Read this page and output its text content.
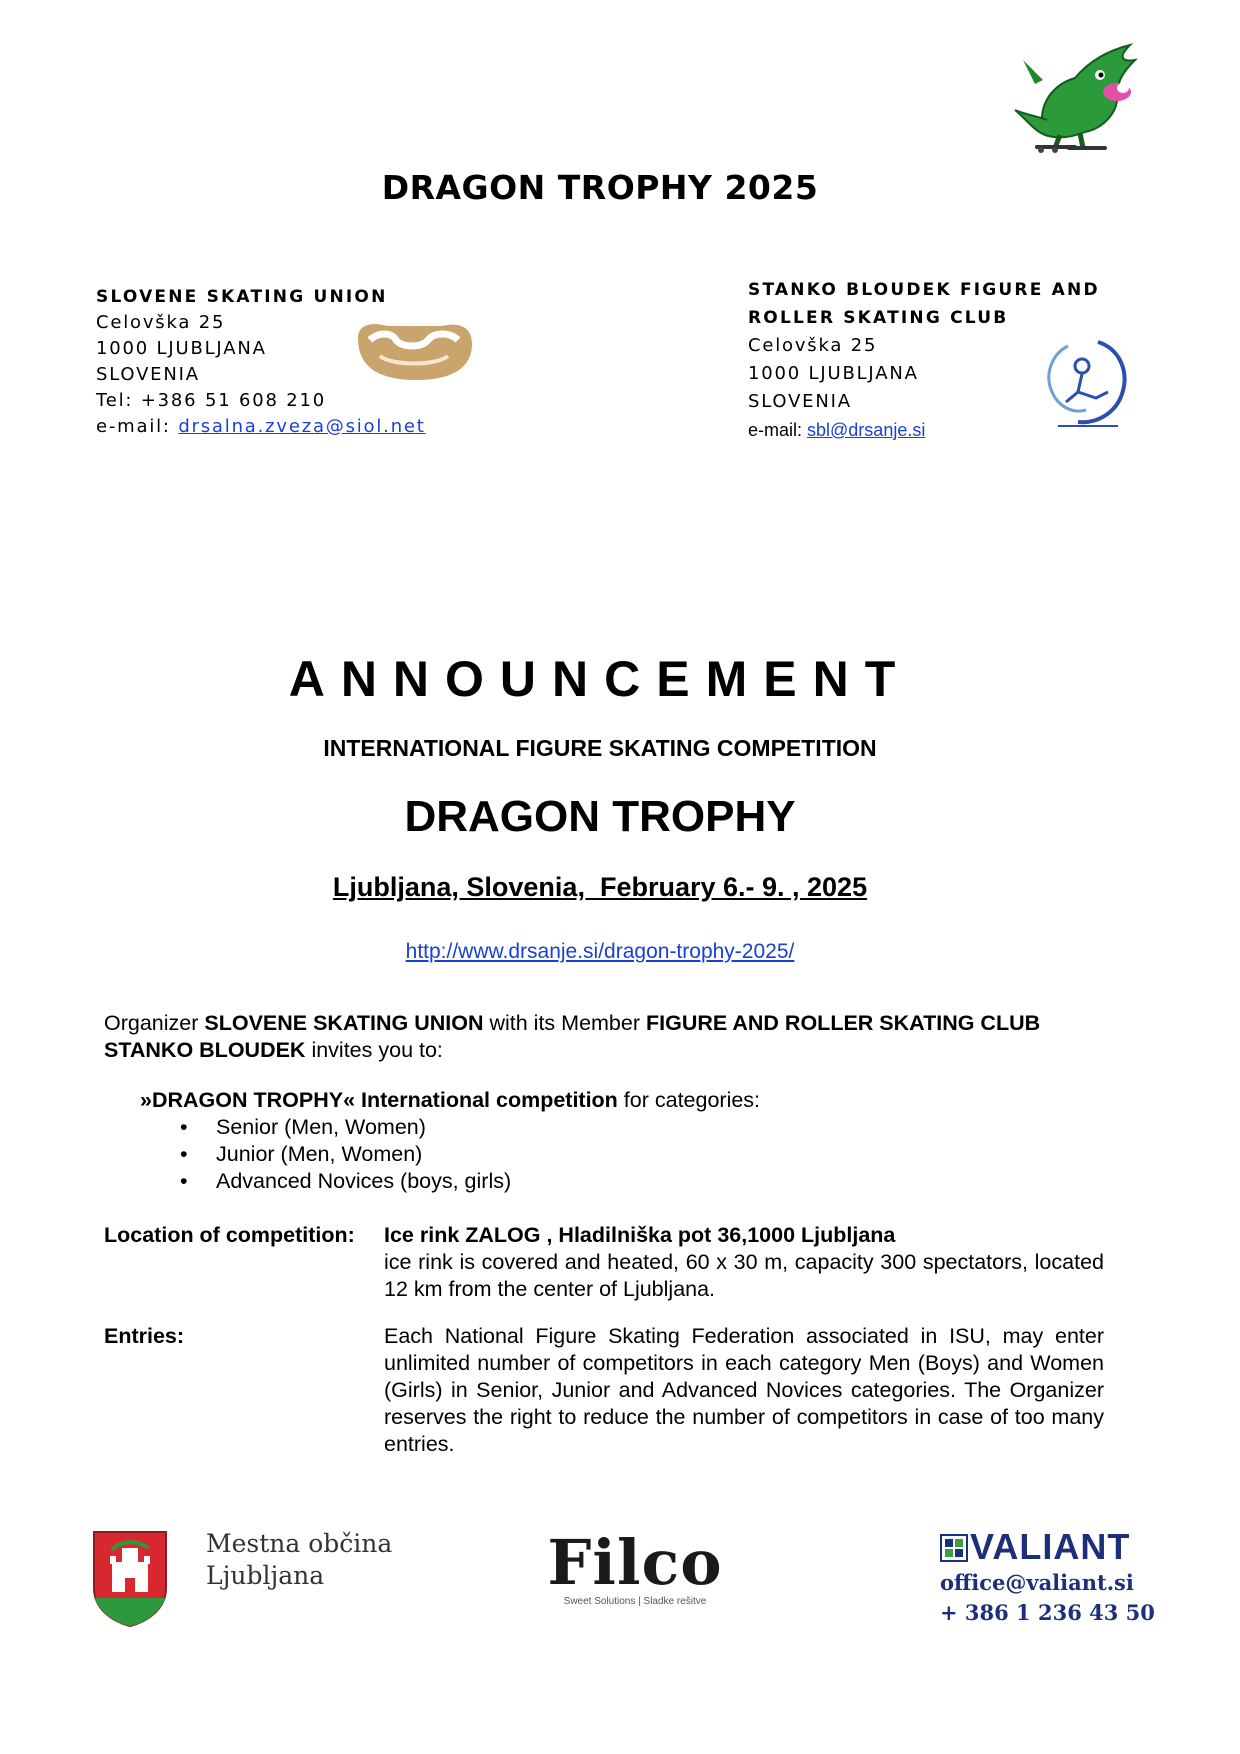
DRAGON TROPHY 2025
SLOVENE SKATING UNION
Celovška 25
1000 LJUBLJANA
SLOVENIA
Tel: +386 51 608 210
e-mail: drsalna.zveza@siol.net
STANKO BLOUDEK FIGURE AND
ROLLER SKATING CLUB
Celovška 25
1000 LJUBLJANA
SLOVENIA
e-mail: sbl@drsanje.si
ANNOUNCEMENT
INTERNATIONAL FIGURE SKATING COMPETITION
DRAGON TROPHY
Ljubljana, Slovenia,  February 6.- 9. , 2025
http://www.drsanje.si/dragon-trophy-2025/
Organizer SLOVENE SKATING UNION with its Member FIGURE AND ROLLER SKATING CLUB STANKO BLOUDEK invites you to:
»DRAGON TROPHY« International competition for categories:
• Senior (Men, Women)
• Junior (Men, Women)
• Advanced Novices (boys, girls)
Location of competition: Ice rink ZALOG , Hladilniška pot 36,1000 Ljubljana
ice rink is covered and heated, 60 x 30 m, capacity 300 spectators, located 12 km from the center of Ljubljana.
Entries:	Each National Figure Skating Federation associated in ISU, may enter unlimited number of competitors in each category Men (Boys) and Women (Girls) in Senior, Junior and Advanced Novices categories. The Organizer reserves the right to reduce the number of competitors in case of too many entries.
Mestna občina
Ljubljana	Filco
Sweet Solutions | Sladke rešitve
VALIANT
office@valiant.si
+ 386 1 236 43 50
